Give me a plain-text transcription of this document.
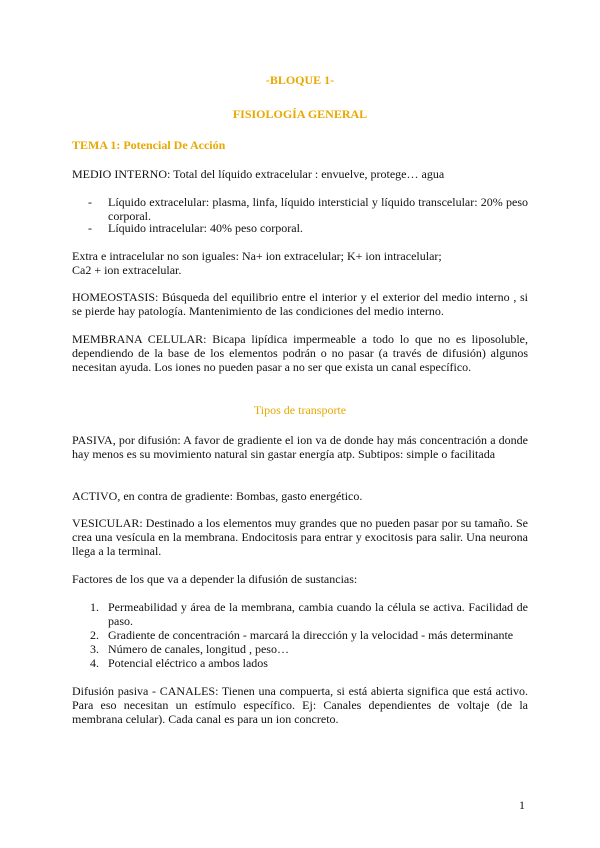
-BLOQUE 1-
FISIOLOGÍA GENERAL
TEMA 1: Potencial De Acción
MEDIO INTERNO: Total del líquido extracelular : envuelve, protege… agua
- Líquido extracelular: plasma, linfa, líquido intersticial y líquido transcelular: 20% peso corporal.
- Líquido intracelular: 40% peso corporal.
Extra e intracelular no son iguales: Na+ ion extracelular; K+ ion intracelular;
Ca2 + ion extracelular.
HOMEOSTASIS: Búsqueda del equilibrio entre el interior y el exterior del medio interno , si se pierde hay patología. Mantenimiento de las condiciones del medio interno.
MEMBRANA CELULAR: Bicapa lipídica impermeable a todo lo que no es liposoluble, dependiendo de la base de los elementos podrán o no pasar (a través de difusión) algunos necesitan ayuda. Los iones no pueden pasar a no ser que exista un canal específico.
Tipos de transporte
PASIVA, por difusión: A favor de gradiente el ion va de donde hay más concentración a donde hay menos es su movimiento natural sin gastar energía atp. Subtipos: simple o facilitada
ACTIVO, en contra de gradiente: Bombas, gasto energético.
VESICULAR: Destinado a los elementos muy grandes que no pueden pasar por su tamaño. Se crea una vesícula en la membrana. Endocitosis para entrar y exocitosis para salir. Una neurona llega a la terminal.
Factores de los que va a depender la difusión de sustancias:
1. Permeabilidad y área de la membrana, cambia cuando la célula se activa. Facilidad de paso.
2. Gradiente de concentración - marcará la dirección y la velocidad - más determinante
3. Número de canales, longitud , peso…
4. Potencial eléctrico a ambos lados
Difusión pasiva - CANALES: Tienen una compuerta, si está abierta significa que está activo. Para eso necesitan un estímulo específico. Ej: Canales dependientes de voltaje (de la membrana celular). Cada canal es para un ion concreto.
1
